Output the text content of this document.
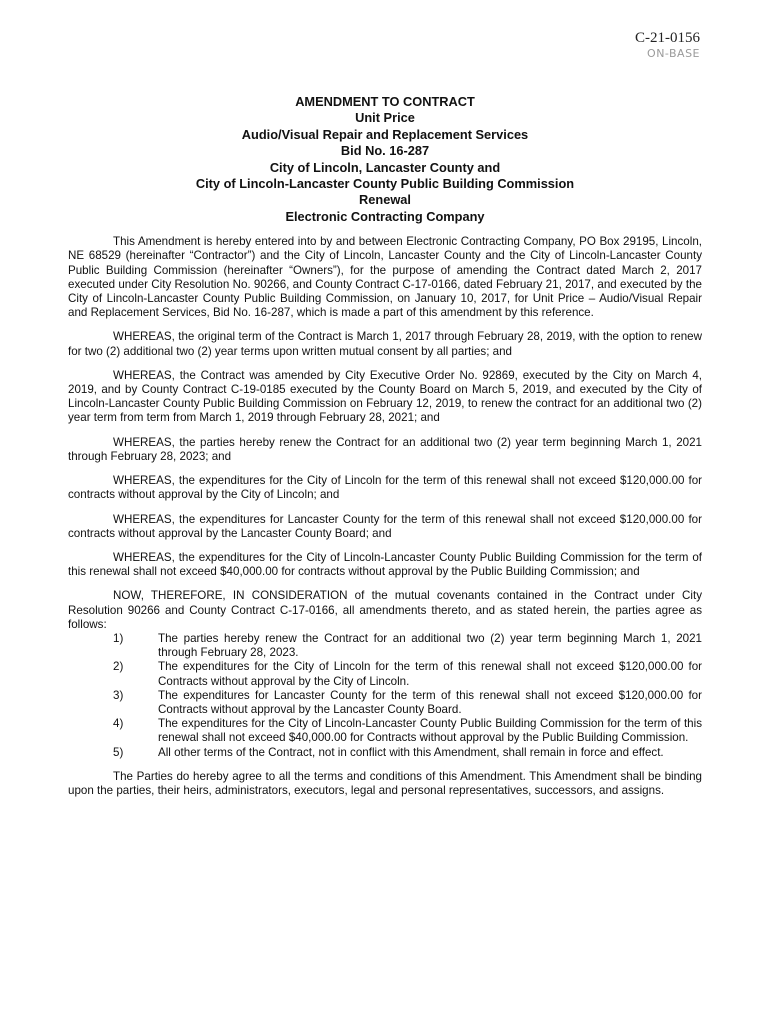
C-21-0156
ON-BASE
AMENDMENT TO CONTRACT
Unit Price
Audio/Visual Repair and Replacement Services
Bid No. 16-287
City of Lincoln, Lancaster County and
City of Lincoln-Lancaster County Public Building Commission
Renewal
Electronic Contracting Company

This Amendment is hereby entered into by and between Electronic Contracting Company, PO Box 29195, Lincoln, NE 68529 (hereinafter “Contractor”) and the City of Lincoln, Lancaster County and the City of Lincoln-Lancaster County Public Building Commission (hereinafter “Owners”), for the purpose of amending the Contract dated March 2, 2017 executed under City Resolution No. 90266, and County Contract C-17-0166, dated February 21, 2017, and executed by the City of Lincoln-Lancaster County Public Building Commission, on January 10, 2017, for Unit Price – Audio/Visual Repair and Replacement Services, Bid No. 16-287, which is made a part of this amendment by this reference.

WHEREAS, the original term of the Contract is March 1, 2017 through February 28, 2019, with the option to renew for two (2) additional two (2) year terms upon written mutual consent by all parties; and

WHEREAS, the Contract was amended by City Executive Order No. 92869, executed by the City on March 4, 2019, and by County Contract C-19-0185 executed by the County Board on March 5, 2019, and executed by the City of Lincoln-Lancaster County Public Building Commission on February 12, 2019, to renew the contract for an additional two (2) year term from term from March 1, 2019 through February 28, 2021; and

WHEREAS, the parties hereby renew the Contract for an additional two (2) year term beginning March 1, 2021 through February 28, 2023; and

WHEREAS, the expenditures for the City of Lincoln for the term of this renewal shall not exceed $120,000.00 for contracts without approval by the City of Lincoln; and

WHEREAS, the expenditures for Lancaster County for the term of this renewal shall not exceed $120,000.00 for contracts without approval by the Lancaster County Board; and

WHEREAS, the expenditures for the City of Lincoln-Lancaster County Public Building Commission for the term of this renewal shall not exceed $40,000.00 for contracts without approval by the Public Building Commission; and

NOW, THEREFORE, IN CONSIDERATION of the mutual covenants contained in the Contract under City Resolution 90266 and County Contract C-17-0166, all amendments thereto, and as stated herein, the parties agree as follows:

1)	The parties hereby renew the Contract for an additional two (2) year term beginning March 1, 2021 through February 28, 2023.
2)	The expenditures for the City of Lincoln for the term of this renewal shall not exceed $120,000.00 for Contracts without approval by the City of Lincoln.
3)	The expenditures for Lancaster County for the term of this renewal shall not exceed $120,000.00 for Contracts without approval by the Lancaster County Board.
4)	The expenditures for the City of Lincoln-Lancaster County Public Building Commission for the term of this renewal shall not exceed $40,000.00 for Contracts without approval by the Public Building Commission.
5)	All other terms of the Contract, not in conflict with this Amendment, shall remain in force and effect.

The Parties do hereby agree to all the terms and conditions of this Amendment. This Amendment shall be binding upon the parties, their heirs, administrators, executors, legal and personal representatives, successors, and assigns.
